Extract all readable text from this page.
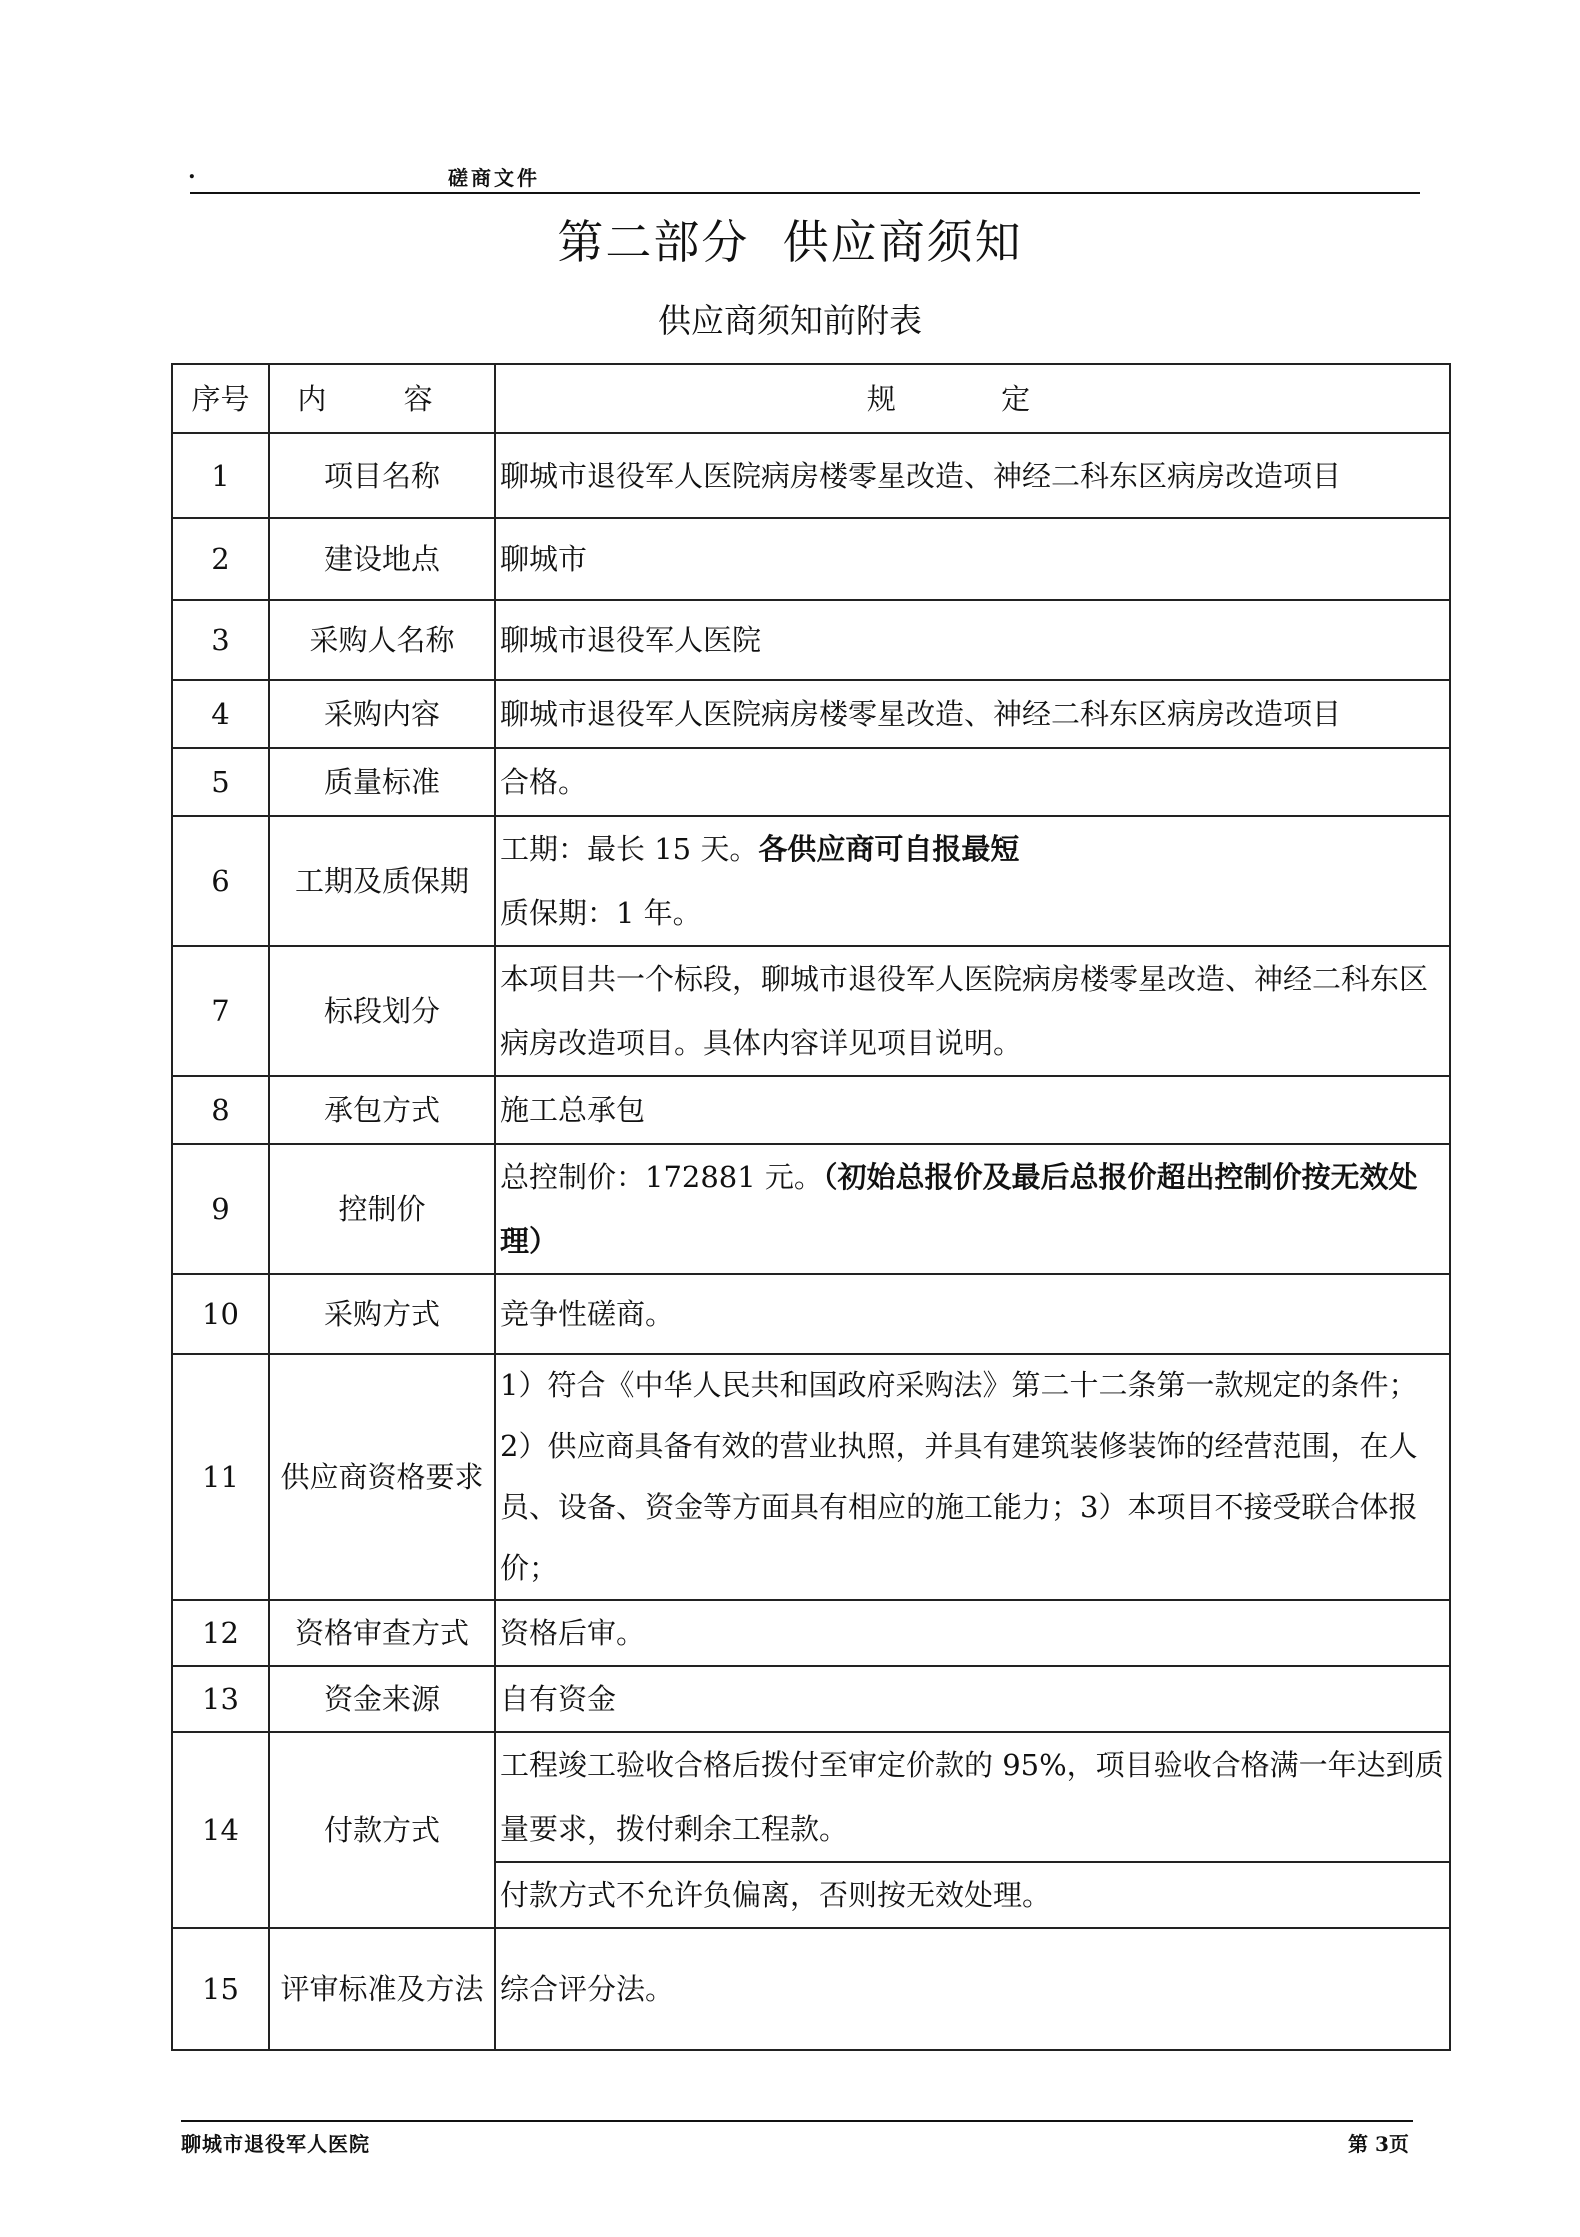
.	磋商文件
第二部分  供应商须知
供应商须知前附表
序号	内 容	规 定
1	项目名称	聊城市退役军人医院病房楼零星改造、神经二科东区病房改造项目
2	建设地点	聊城市
3	采购人名称	聊城市退役军人医院
4	采购内容	聊城市退役军人医院病房楼零星改造、神经二科东区病房改造项目
5	质量标准	合格。
6	工期及质保期	工期：最长 15 天。各供应商可自报最短
质保期：1 年。

7	标段划分	本项目共一个标段，聊城市退役军人医院病房楼零星改造、神经二科东区病房改造项目。具体内容详见项目说明。
8	承包方式	施工总承包
9	控制价	总控制价：172881 元。（初始总报价及最后总报价超出控制价按无效处理）
10	采购方式	竞争性磋商。
11	供应商资格要求	1）符合《中华人民共和国政府采购法》第二十二条第一款规定的条件；2）供应商具备有效的营业执照，并具有建筑装修装饰的经营范围，在人员、设备、资金等方面具有相应的施工能力；3）本项目不接受联合体报价；
12	资格审查方式	资格后审。
13	资金来源	自有资金
14	付款方式	工程竣工验收合格后拨付至审定价款的 95%，项目验收合格满一年达到质量要求，拨付剩余工程款。
		付款方式不允许负偏离，否则按无效处理。
15	评审标准及方法	综合评分法。
聊城市退役军人医院	第 3页
